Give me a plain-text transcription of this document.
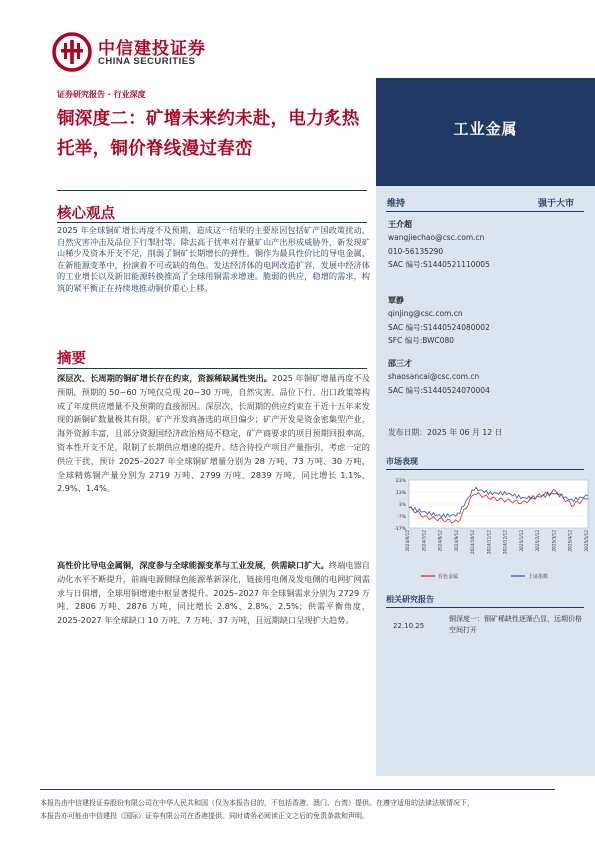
中信建投证券
CHINA SECURITIES
工业金属
证券研究报告 · 行业深度
铜深度二：矿增未来约未赴，电力炙热托举，铜价脊线漫过春峦
核心观点
2025 年全球铜矿增长再度不及预期，造成这一结果的主要原因包括矿产国政策扰动、自然灾害冲击及品位下行掣肘等。除去高于扰率对存量矿山产出形成威胁外，新发现矿山稀少及资本开支不足，削弱了铜矿长期增长的弹性。铜作为最具性价比的导电金属，在新能源变革中，扮演着不可或缺的角色。发达经济体的电网改造扩容，发展中经济体的工业增长以及新旧能源转换推高了全球用铜需求增速。脆弱的供应，稳增的需求，构筑的紧平衡正在持续地推动铜价重心上移。
摘要
深层次、长周期的铜矿增长存在约束，资源稀缺属性突出。2025 年铜矿增量再度不及预期，预期的 50~60 万吨仅兑现 20~30 万吨，自然灾害、品位下行、出口政策等构成了年度供应增量不及预期的直接原因。深层次、长周期的供应约束在于近十五年来发现的新铜矿数量极其有限，矿产开发商备选的项目偏少；矿产开发是资金密集型产业，海外资源丰富，且部分资源国经济政治格局不稳定，矿产商要求的项目预期回报率高，资本性开支不足，限制了长期供应增速的提升。结合待投产项目产量指引，考虑一定的供应干扰，预计 2025–2027 年全球铜矿增量分别为 28 万吨、73 万吨、30 万吨，全球精炼铜产量分别为 2719 万吨、2799 万吨、2839 万吨，同比增长 1.1%、2.9%、1.4%。
高性价比导电金属铜，深度参与全球能源变革与工业发展，供需缺口扩大。终端电器自动化水平不断提升，前端电源侧绿色能源革新深化，链接用电侧及发电侧的电网扩网需求与日俱增，全球用铜增速中枢显著提升。2025–2027 年全球铜需求分别为 2729 万吨、2806 万吨、2876 万吨，同比增长 2.8%、2.8%、2.5%；供需平衡角度，2025-2027 年全球缺口 10 万吨、7 万吨、37 万吨，且远期缺口呈现扩大趋势。
维持	强于大市
王介超
wangjiechao@csc.com.cn
010-56135290
SAC 编号:S1440521110005
覃静
qinjing@csc.com.cn
SAC 编号:S1440524080002
SFC 编号:BWC080
邵三才
shaosancai@csc.com.cn
SAC 编号:S1440524070004
发布日期：2025 年 06 月 12 日
市场表现
23%
13%
3%
-7%
-17%
2024/6/12	2024/7/12	2024/8/12	2024/9/12	2024/10/12	2024/11/12	2024/12/12	2025/1/12	2025/2/12	2025/3/12	2025/4/12	2025/5/12
有色金属	上证指数
相关研究报告
22.10.25
铜深度一：铜矿稀缺性逐渐凸显，远期价格空间打开
本报告由中信建投证券股份有限公司在中华人民共和国（仅为本报告目的，不包括香港、澳门、台湾）提供。在遵守适用的法律法规情况下，
本报告亦可能由中信建投（国际）证券有限公司在香港提供。同时请务必阅读正文之后的免责条款和声明。
